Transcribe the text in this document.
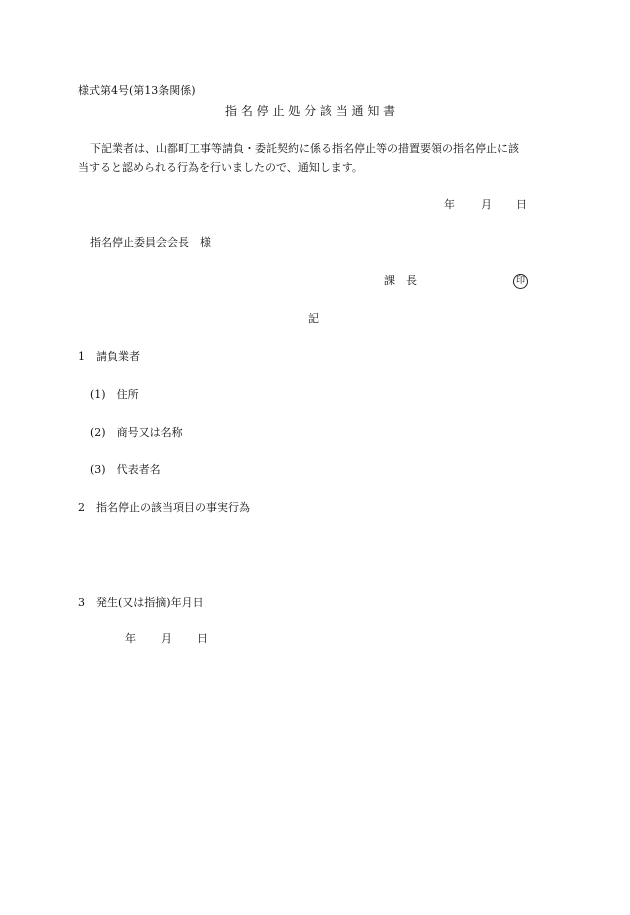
様式第4号(第13条関係)
指 名 停 止 処 分 該 当 通 知 書
下記業者は、山都町工事等請負・委託契約に係る指名停止等の措置要領の指名停止に該
当すると認められる行為を行いましたので、通知します。
年 月 日
指名停止委員会会長　様
課　長	印
記
1　請負業者
(1)　住所
(2)　商号又は名称
(3)　代表者名
2　指名停止の該当項目の事実行為
3　発生(又は指摘)年月日
年 月 日
